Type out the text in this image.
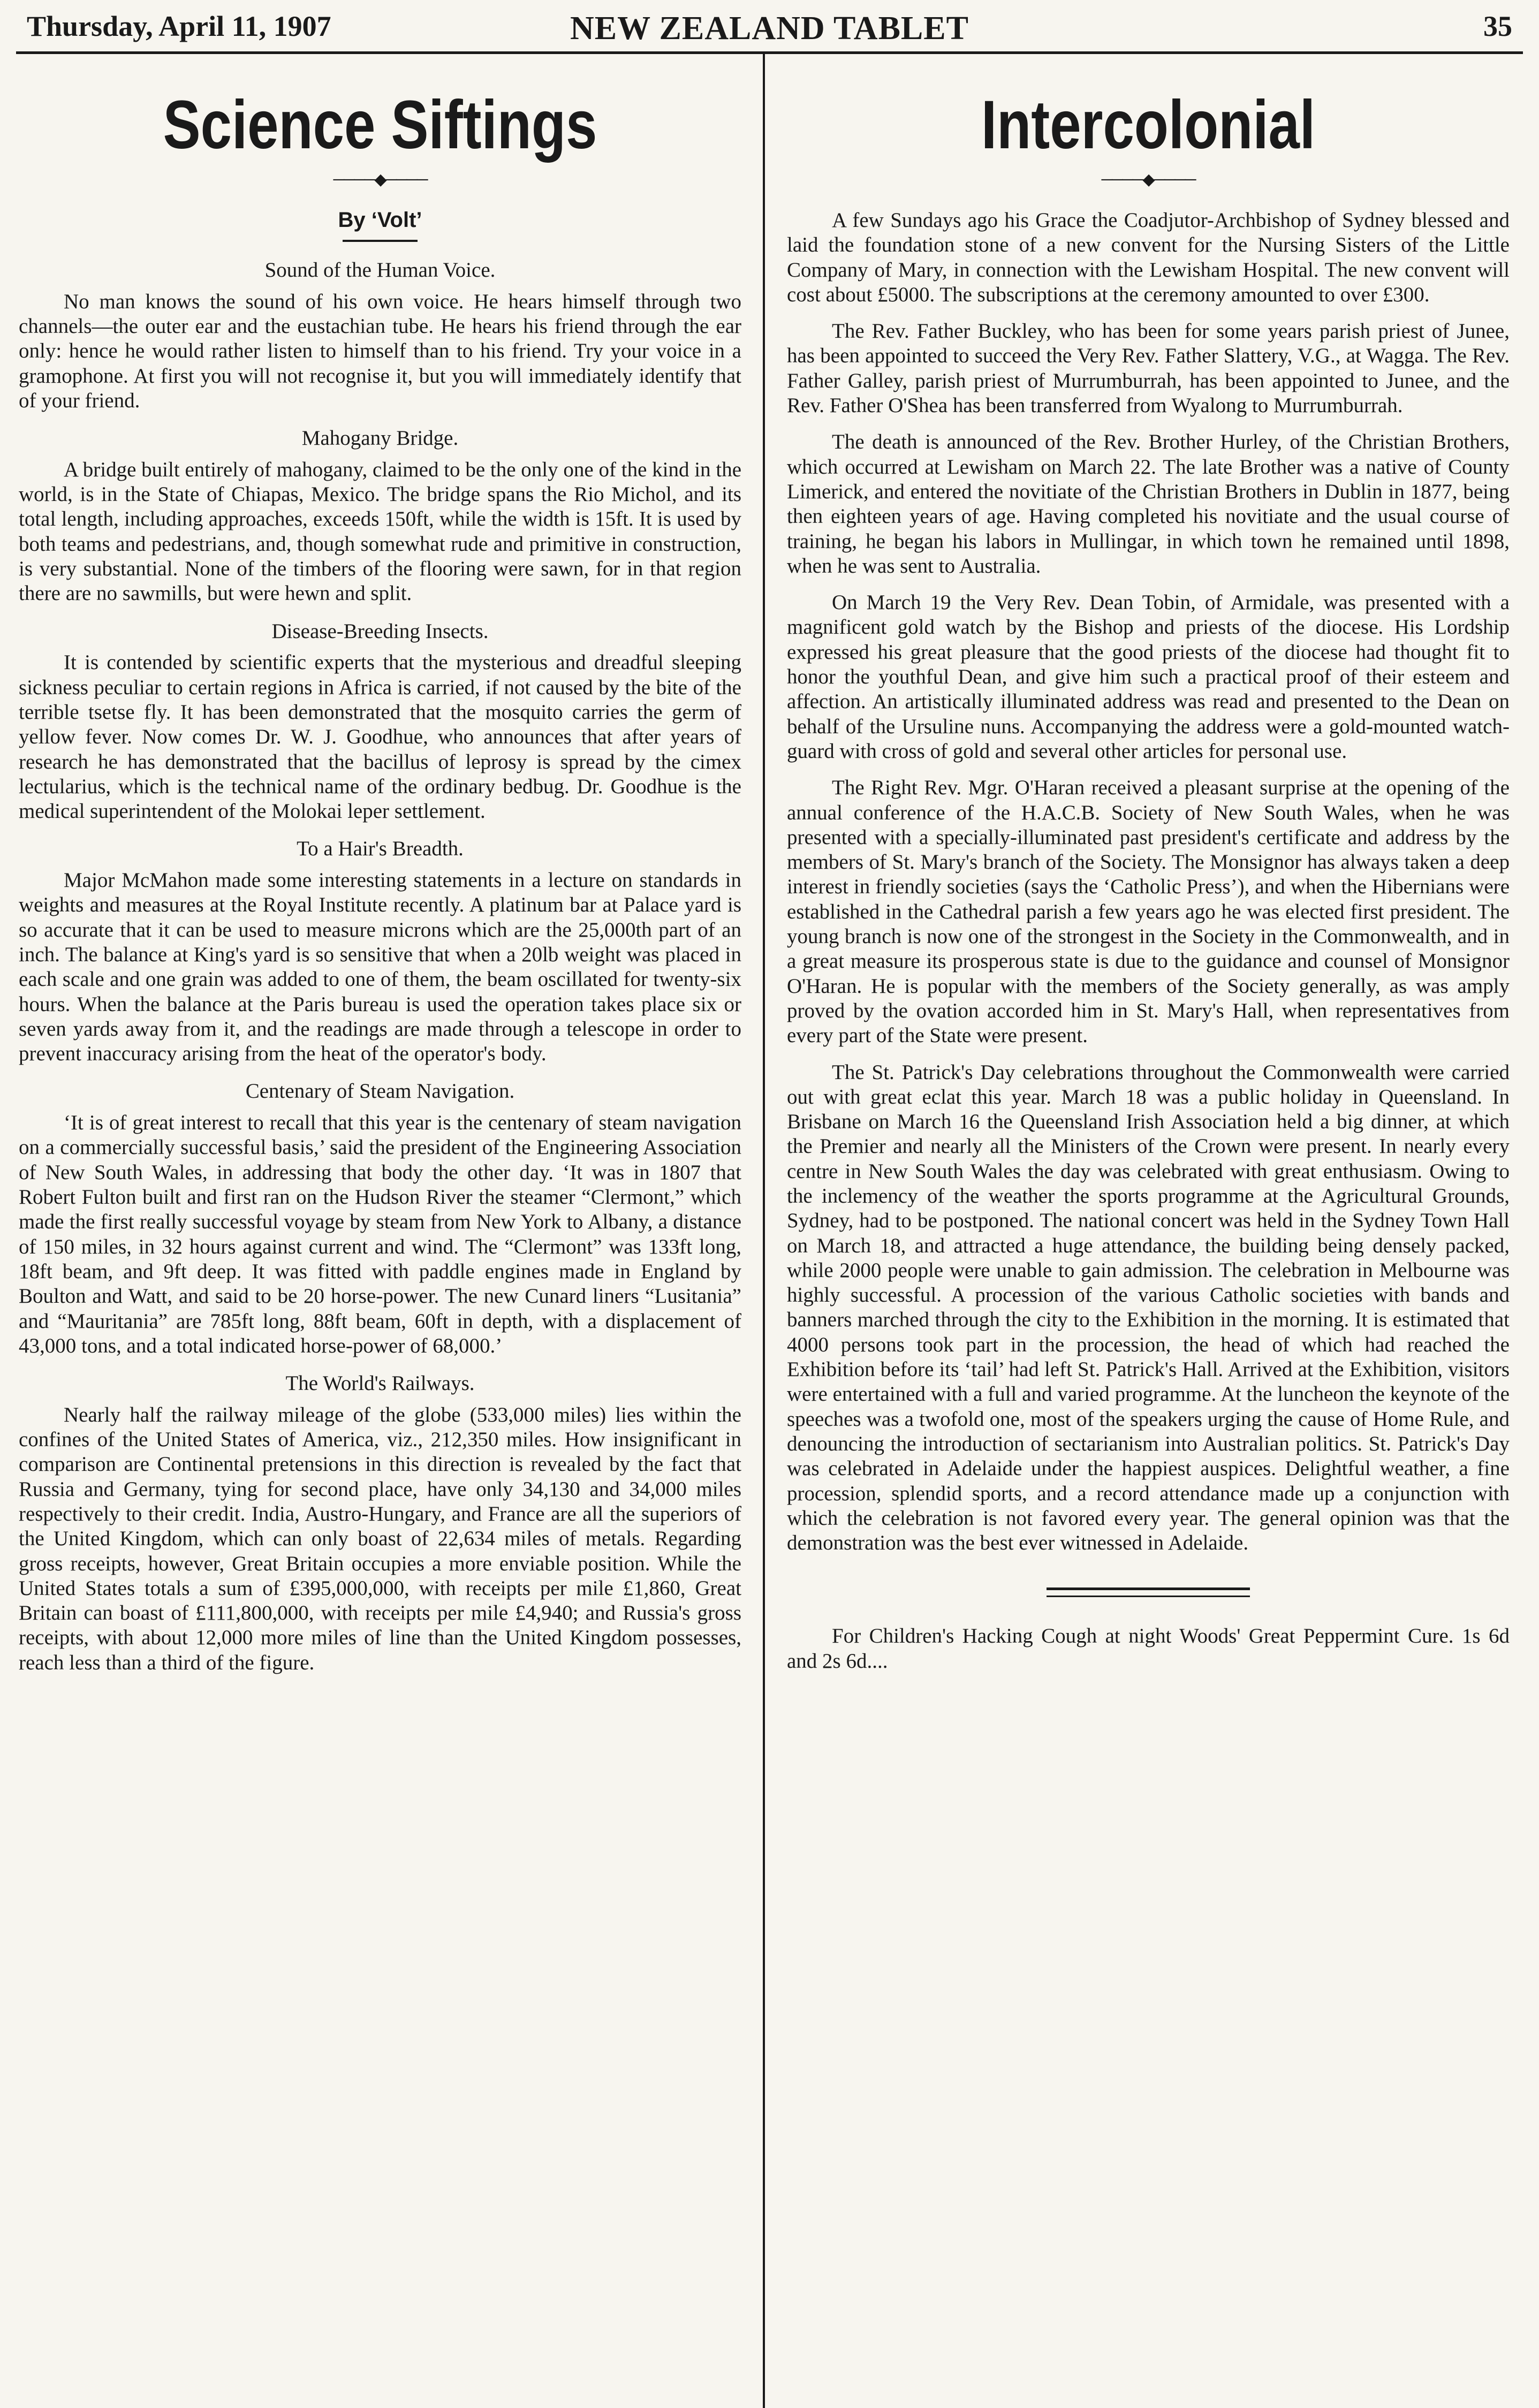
Thursday, April 11, 1907	NEW ZEALAND TABLET	35
Science Siftings
────◆────
By ‘Volt’
Sound of the Human Voice.

No man knows the sound of his own voice. He hears himself through two channels—the outer ear and the eustachian tube. He hears his friend through the ear only: hence he would rather listen to himself than to his friend. Try your voice in a gramophone. At first you will not recognise it, but you will immediately identify that of your friend.

Mahogany Bridge.

A bridge built entirely of mahogany, claimed to be the only one of the kind in the world, is in the State of Chiapas, Mexico. The bridge spans the Rio Michol, and its total length, including approaches, exceeds 150ft, while the width is 15ft. It is used by both teams and pedestrians, and, though somewhat rude and primitive in construction, is very substantial. None of the timbers of the flooring were sawn, for in that region there are no sawmills, but were hewn and split.

Disease-Breeding Insects.

It is contended by scientific experts that the mysterious and dreadful sleeping sickness peculiar to certain regions in Africa is carried, if not caused by the bite of the terrible tsetse fly. It has been demonstrated that the mosquito carries the germ of yellow fever. Now comes Dr. W. J. Goodhue, who announces that after years of research he has demonstrated that the bacillus of leprosy is spread by the cimex lectularius, which is the technical name of the ordinary bedbug. Dr. Goodhue is the medical superintendent of the Molokai leper settlement.

To a Hair's Breadth.

Major McMahon made some interesting statements in a lecture on standards in weights and measures at the Royal Institute recently. A platinum bar at Palace yard is so accurate that it can be used to measure microns which are the 25,000th part of an inch. The balance at King's yard is so sensitive that when a 20lb weight was placed in each scale and one grain was added to one of them, the beam oscillated for twenty-six hours. When the balance at the Paris bureau is used the operation takes place six or seven yards away from it, and the readings are made through a telescope in order to prevent inaccuracy arising from the heat of the operator's body.

Centenary of Steam Navigation.

‘It is of great interest to recall that this year is the centenary of steam navigation on a commercially successful basis,’ said the president of the Engineering Association of New South Wales, in addressing that body the other day. ‘It was in 1807 that Robert Fulton built and first ran on the Hudson River the steamer “Clermont,” which made the first really successful voyage by steam from New York to Albany, a distance of 150 miles, in 32 hours against current and wind. The “Clermont” was 133ft long, 18ft beam, and 9ft deep. It was fitted with paddle engines made in England by Boulton and Watt, and said to be 20 horse-power. The new Cunard liners “Lusitania” and “Mauritania” are 785ft long, 88ft beam, 60ft in depth, with a displacement of 43,000 tons, and a total indicated horse-power of 68,000.’

The World's Railways.

Nearly half the railway mileage of the globe (533,000 miles) lies within the confines of the United States of America, viz., 212,350 miles. How insignificant in comparison are Continental pretensions in this direction is revealed by the fact that Russia and Germany, tying for second place, have only 34,130 and 34,000 miles respectively to their credit. India, Austro-Hungary, and France are all the superiors of the United Kingdom, which can only boast of 22,634 miles of metals. Regarding gross receipts, however, Great Britain occupies a more enviable position. While the United States totals a sum of £395,000,000, with receipts per mile £1,860, Great Britain can boast of £111,800,000, with receipts per mile £4,940; and Russia's gross receipts, with about 12,000 more miles of line than the United Kingdom possesses, reach less than a third of the figure.

Intercolonial
────◆────

A few Sundays ago his Grace the Coadjutor-Archbishop of Sydney blessed and laid the foundation stone of a new convent for the Nursing Sisters of the Little Company of Mary, in connection with the Lewisham Hospital. The new convent will cost about £5000. The subscriptions at the ceremony amounted to over £300.

The Rev. Father Buckley, who has been for some years parish priest of Junee, has been appointed to succeed the Very Rev. Father Slattery, V.G., at Wagga. The Rev. Father Galley, parish priest of Murrumburrah, has been appointed to Junee, and the Rev. Father O'Shea has been transferred from Wyalong to Murrumburrah.

The death is announced of the Rev. Brother Hurley, of the Christian Brothers, which occurred at Lewisham on March 22. The late Brother was a native of County Limerick, and entered the novitiate of the Christian Brothers in Dublin in 1877, being then eighteen years of age. Having completed his novitiate and the usual course of training, he began his labors in Mullingar, in which town he remained until 1898, when he was sent to Australia.

On March 19 the Very Rev. Dean Tobin, of Armidale, was presented with a magnificent gold watch by the Bishop and priests of the diocese. His Lordship expressed his great pleasure that the good priests of the diocese had thought fit to honor the youthful Dean, and give him such a practical proof of their esteem and affection. An artistically illuminated address was read and presented to the Dean on behalf of the Ursuline nuns. Accompanying the address were a gold-mounted watch-guard with cross of gold and several other articles for personal use.

The Right Rev. Mgr. O'Haran received a pleasant surprise at the opening of the annual conference of the H.A.C.B. Society of New South Wales, when he was presented with a specially-illuminated past president's certificate and address by the members of St. Mary's branch of the Society. The Monsignor has always taken a deep interest in friendly societies (says the ‘Catholic Press’), and when the Hibernians were established in the Cathedral parish a few years ago he was elected first president. The young branch is now one of the strongest in the Society in the Commonwealth, and in a great measure its prosperous state is due to the guidance and counsel of Monsignor O'Haran. He is popular with the members of the Society generally, as was amply proved by the ovation accorded him in St. Mary's Hall, when representatives from every part of the State were present.

The St. Patrick's Day celebrations throughout the Commonwealth were carried out with great eclat this year. March 18 was a public holiday in Queensland. In Brisbane on March 16 the Queensland Irish Association held a big dinner, at which the Premier and nearly all the Ministers of the Crown were present. In nearly every centre in New South Wales the day was celebrated with great enthusiasm. Owing to the inclemency of the weather the sports programme at the Agricultural Grounds, Sydney, had to be postponed. The national concert was held in the Sydney Town Hall on March 18, and attracted a huge attendance, the building being densely packed, while 2000 people were unable to gain admission. The celebration in Melbourne was highly successful. A procession of the various Catholic societies with bands and banners marched through the city to the Exhibition in the morning. It is estimated that 4000 persons took part in the procession, the head of which had reached the Exhibition before its ‘tail’ had left St. Patrick's Hall. Arrived at the Exhibition, visitors were entertained with a full and varied programme. At the luncheon the keynote of the speeches was a twofold one, most of the speakers urging the cause of Home Rule, and denouncing the introduction of sectarianism into Australian politics. St. Patrick's Day was celebrated in Adelaide under the happiest auspices. Delightful weather, a fine procession, splendid sports, and a record attendance made up a conjunction with which the celebration is not favored every year. The general opinion was that the demonstration was the best ever witnessed in Adelaide.

For Children's Hacking Cough at night Woods' Great Peppermint Cure. 1s 6d and 2s 6d....
